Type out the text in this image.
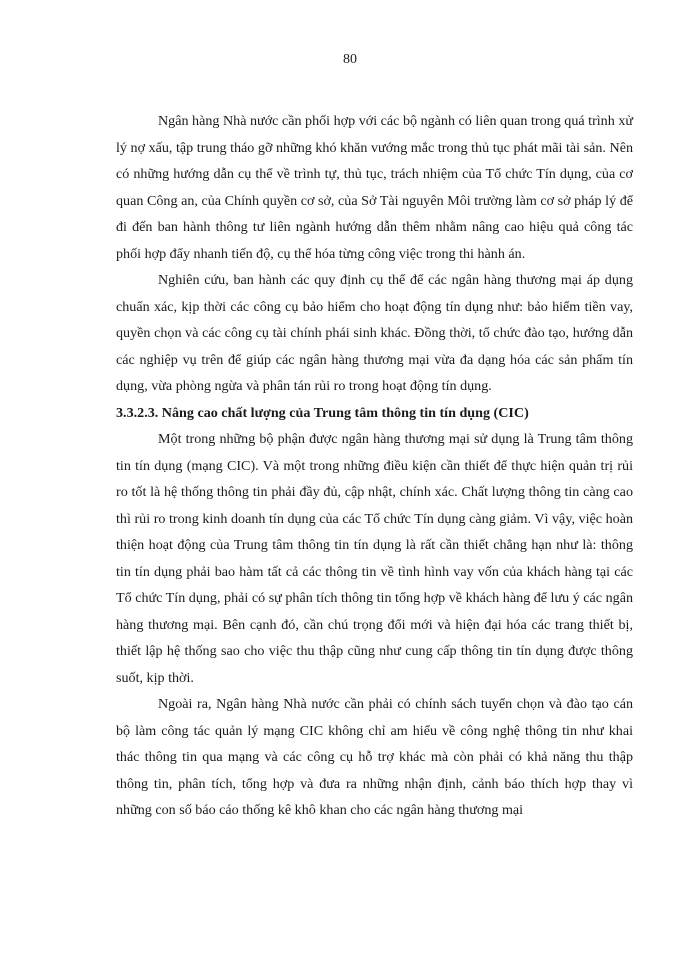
80

Ngân hàng Nhà nước cần phối hợp với các bộ ngành có liên quan trong quá trình xử lý nợ xấu, tập trung tháo gỡ những khó khăn vướng mắc trong thủ tục phát mãi tài sản. Nên có những hướng dẫn cụ thể về trình tự, thủ tục, trách nhiệm của Tổ chức Tín dụng, của cơ quan Công an, của Chính quyền cơ sở, của Sở Tài nguyên Môi trường làm cơ sở pháp lý để đi đến ban hành thông tư liên ngành hướng dẫn thêm nhằm nâng cao hiệu quả công tác phối hợp đẩy nhanh tiến độ, cụ thể hóa từng công việc trong thi hành án.

Nghiên cứu, ban hành các quy định cụ thể để các ngân hàng thương mại áp dụng chuẩn xác, kịp thời các công cụ bảo hiểm cho hoạt động tín dụng như: bảo hiểm tiền vay, quyền chọn và các công cụ tài chính phái sinh khác. Đồng thời, tổ chức đào tạo, hướng dẫn các nghiệp vụ trên để giúp các ngân hàng thương mại vừa đa dạng hóa các sản phẩm tín dụng, vừa phòng ngừa và phân tán rủi ro trong hoạt động tín dụng.

3.3.2.3. Nâng cao chất lượng của Trung tâm thông tin tín dụng (CIC)

Một trong những bộ phận được ngân hàng thương mại sử dụng là Trung tâm thông tin tín dụng (mạng CIC). Và một trong những điều kiện cần thiết để thực hiện quản trị rủi ro tốt là hệ thống thông tin phải đầy đủ, cập nhật, chính xác. Chất lượng thông tin càng cao thì rủi ro trong kinh doanh tín dụng của các Tổ chức Tín dụng càng giảm. Vì vậy, việc hoàn thiện hoạt động của Trung tâm thông tin tín dụng là rất cần thiết chẳng hạn như là: thông tin tín dụng phải bao hàm tất cả các thông tin về tình hình vay vốn của khách hàng tại các Tổ chức Tín dụng, phải có sự phân tích thông tin tổng hợp về khách hàng để lưu ý các ngân hàng thương mại. Bên cạnh đó, cần chú trọng đổi mới và hiện đại hóa các trang thiết bị, thiết lập hệ thống sao cho việc thu thập cũng như cung cấp thông tin tín dụng được thông suốt, kịp thời.

Ngoài ra, Ngân hàng Nhà nước cần phải có chính sách tuyển chọn và đào tạo cán bộ làm công tác quản lý mạng CIC không chỉ am hiểu về công nghệ thông tin như khai thác thông tin qua mạng và các công cụ hỗ trợ khác mà còn phải có khả năng thu thập thông tin, phân tích, tổng hợp và đưa ra những nhận định, cảnh báo thích hợp thay vì những con số báo cáo thống kê khô khan cho các ngân hàng thương mại
